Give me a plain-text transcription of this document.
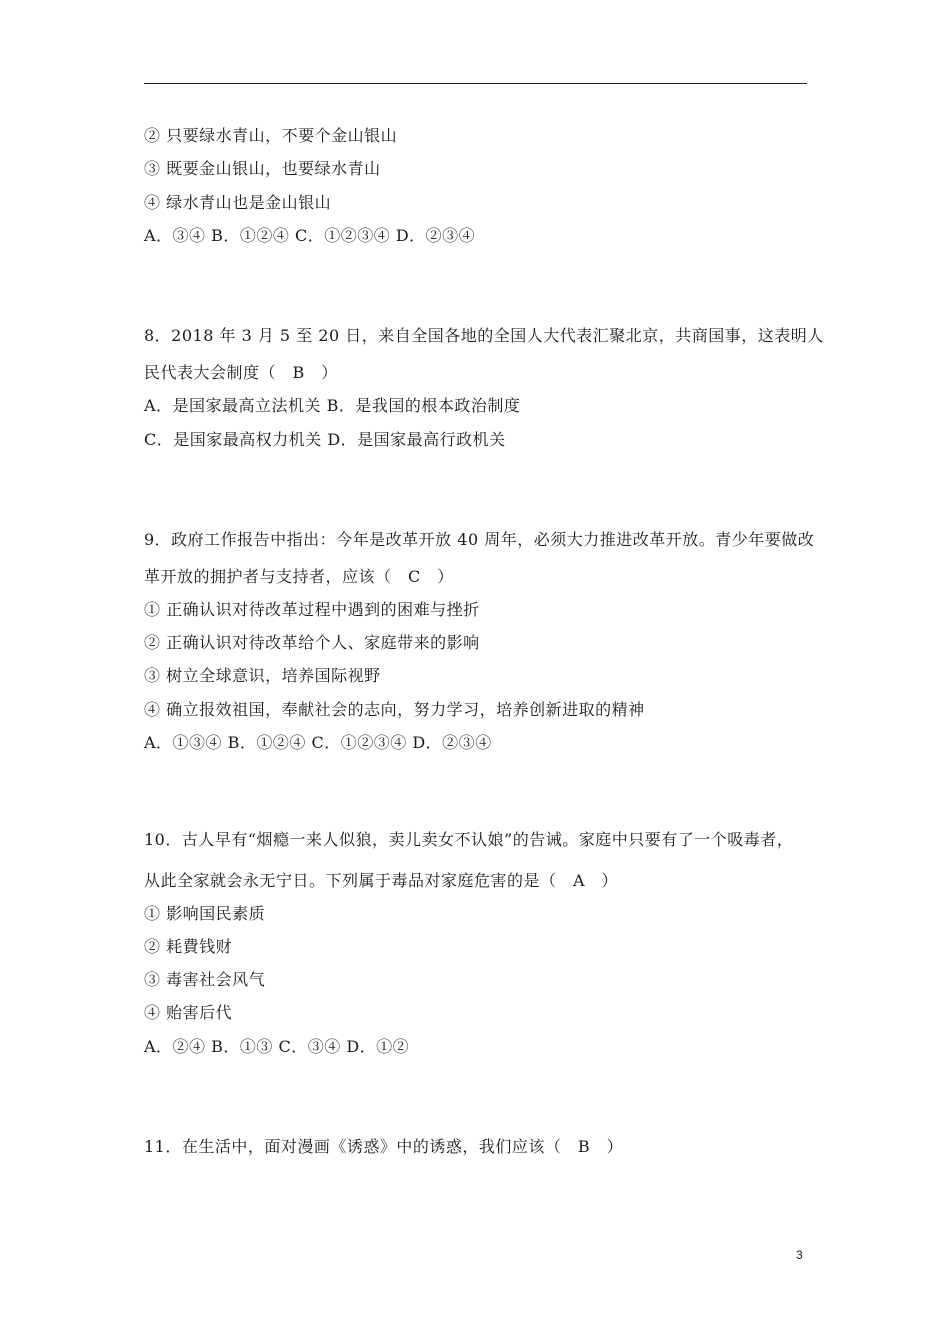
② 只要绿水青山，不要个金山银山
③ 既要金山银山，也要绿水青山
④ 绿水青山也是金山银山
A．③④ B．①②④ C．①②③④ D．②③④
8．2018 年 3 月 5 至 20 日，来自全国各地的全国人大代表汇聚北京，共商国事，这表明人
民代表大会制度（　B　）
A．是国家最高立法机关 B．是我国的根本政治制度
C．是国家最高权力机关 D．是国家最高行政机关
9．政府工作报告中指出：今年是改革开放 40 周年，必须大力推进改革开放。青少年要做改
革开放的拥护者与支持者，应该（　C　）
① 正确认识对待改革过程中遇到的困难与挫折
② 正确认识对待改革给个人、家庭带来的影响
③ 树立全球意识，培养国际视野
④ 确立报效祖国，奉献社会的志向，努力学习，培养创新进取的精神
A．①③④ B．①②④ C．①②③④ D．②③④
10．古人早有“烟瘾一来人似狼，卖儿卖女不认娘”的告诫。家庭中只要有了一个吸毒者，
从此全家就会永无宁日。下列属于毒品对家庭危害的是（　A　）
① 影响国民素质
② 耗費钱财
③ 毒害社会风气
④ 贻害后代
A．②④ B．①③ C．③④ D．①②
11．在生活中，面对漫画《诱惑》中的诱惑，我们应该（　B　）
3
